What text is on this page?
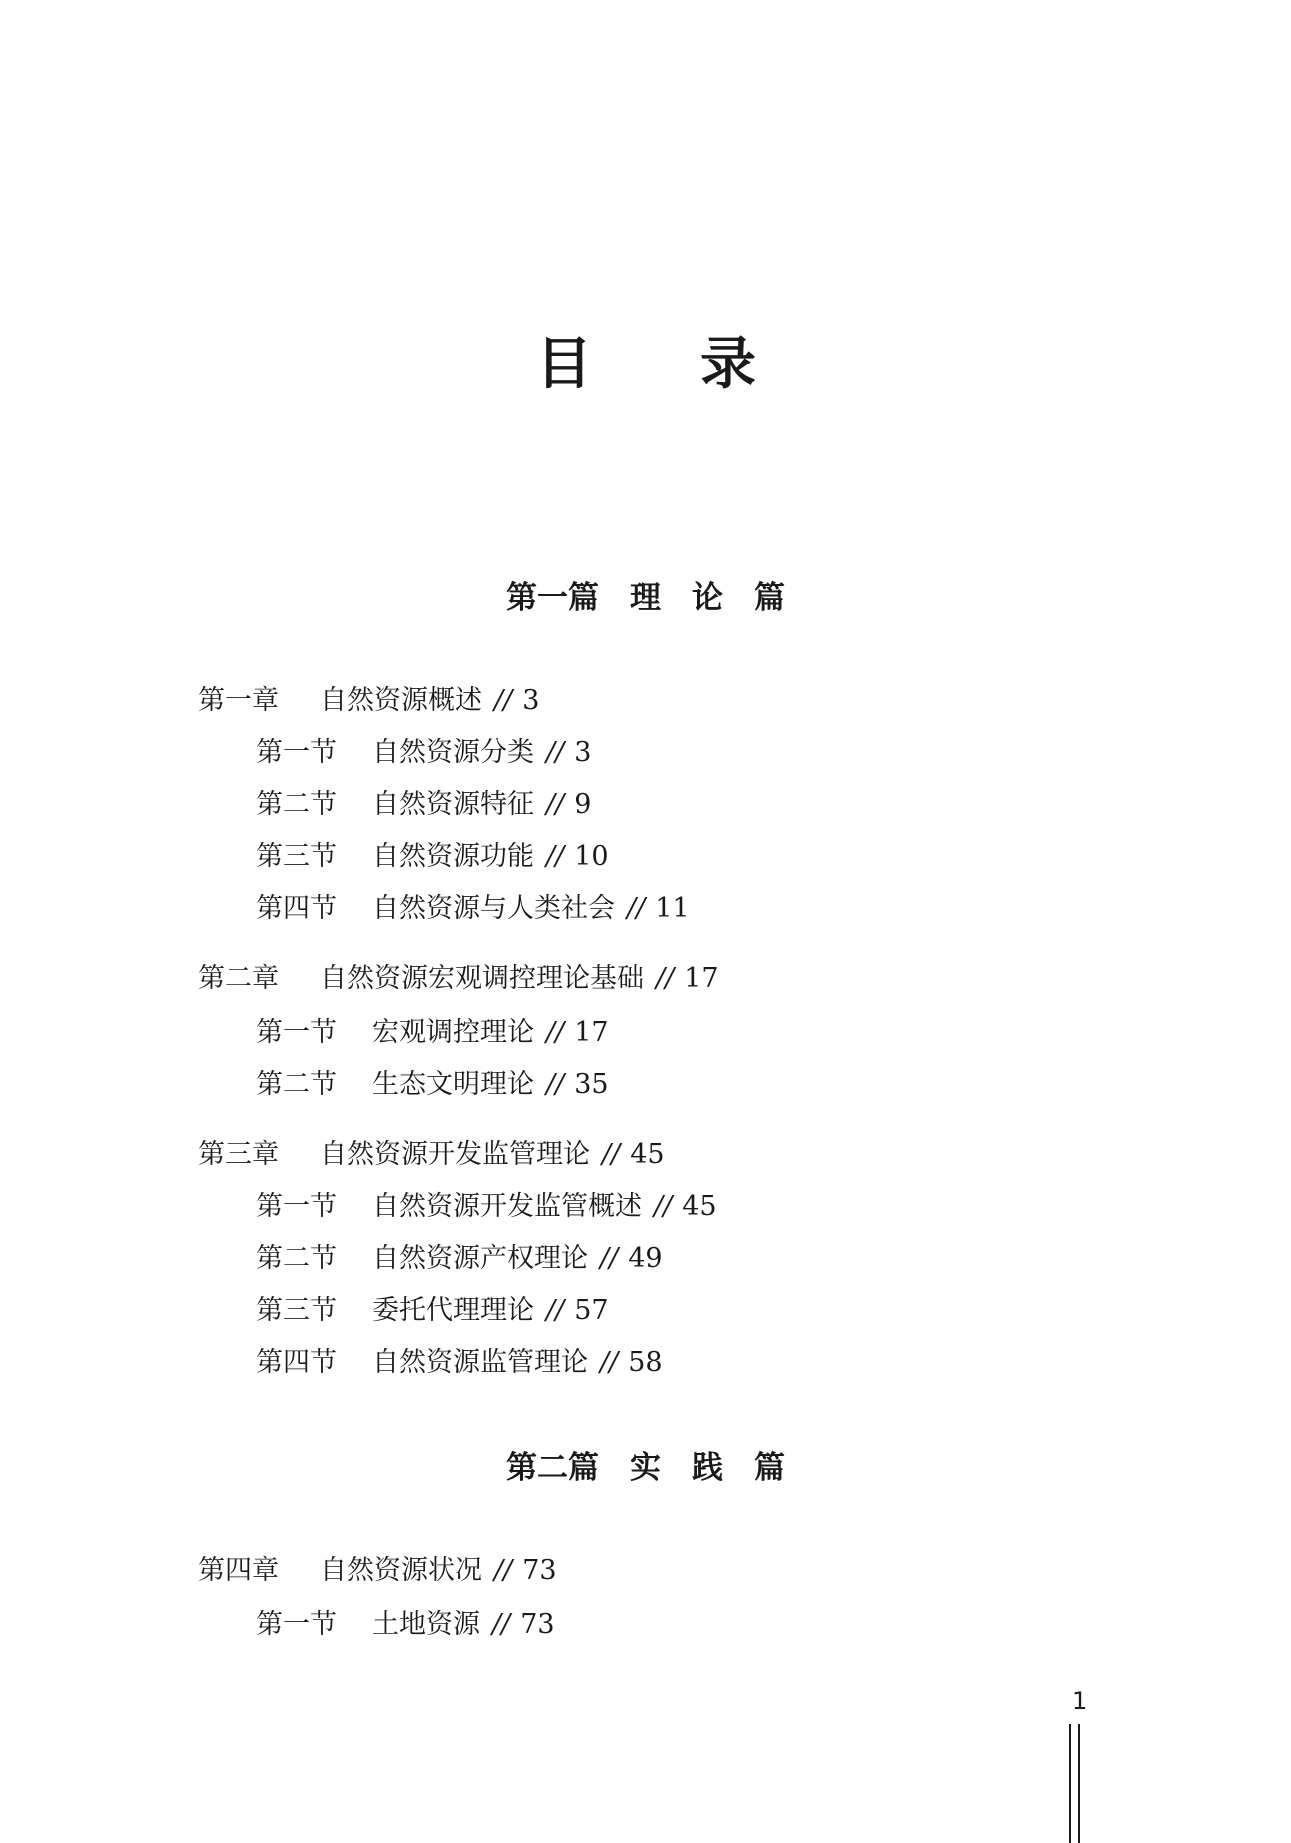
目 录
第一篇　理　论　篇
第一章 自然资源概述 // 3
第一节 自然资源分类 // 3
第二节 自然资源特征 // 9
第三节 自然资源功能 // 10
第四节 自然资源与人类社会 // 11
第二章 自然资源宏观调控理论基础 // 17
第一节 宏观调控理论 // 17
第二节 生态文明理论 // 35
第三章 自然资源开发监管理论 // 45
第一节 自然资源开发监管概述 // 45
第二节 自然资源产权理论 // 49
第三节 委托代理理论 // 57
第四节 自然资源监管理论 // 58
第二篇　实　践　篇
第四章 自然资源状况 // 73
第一节 土地资源 // 73
1
